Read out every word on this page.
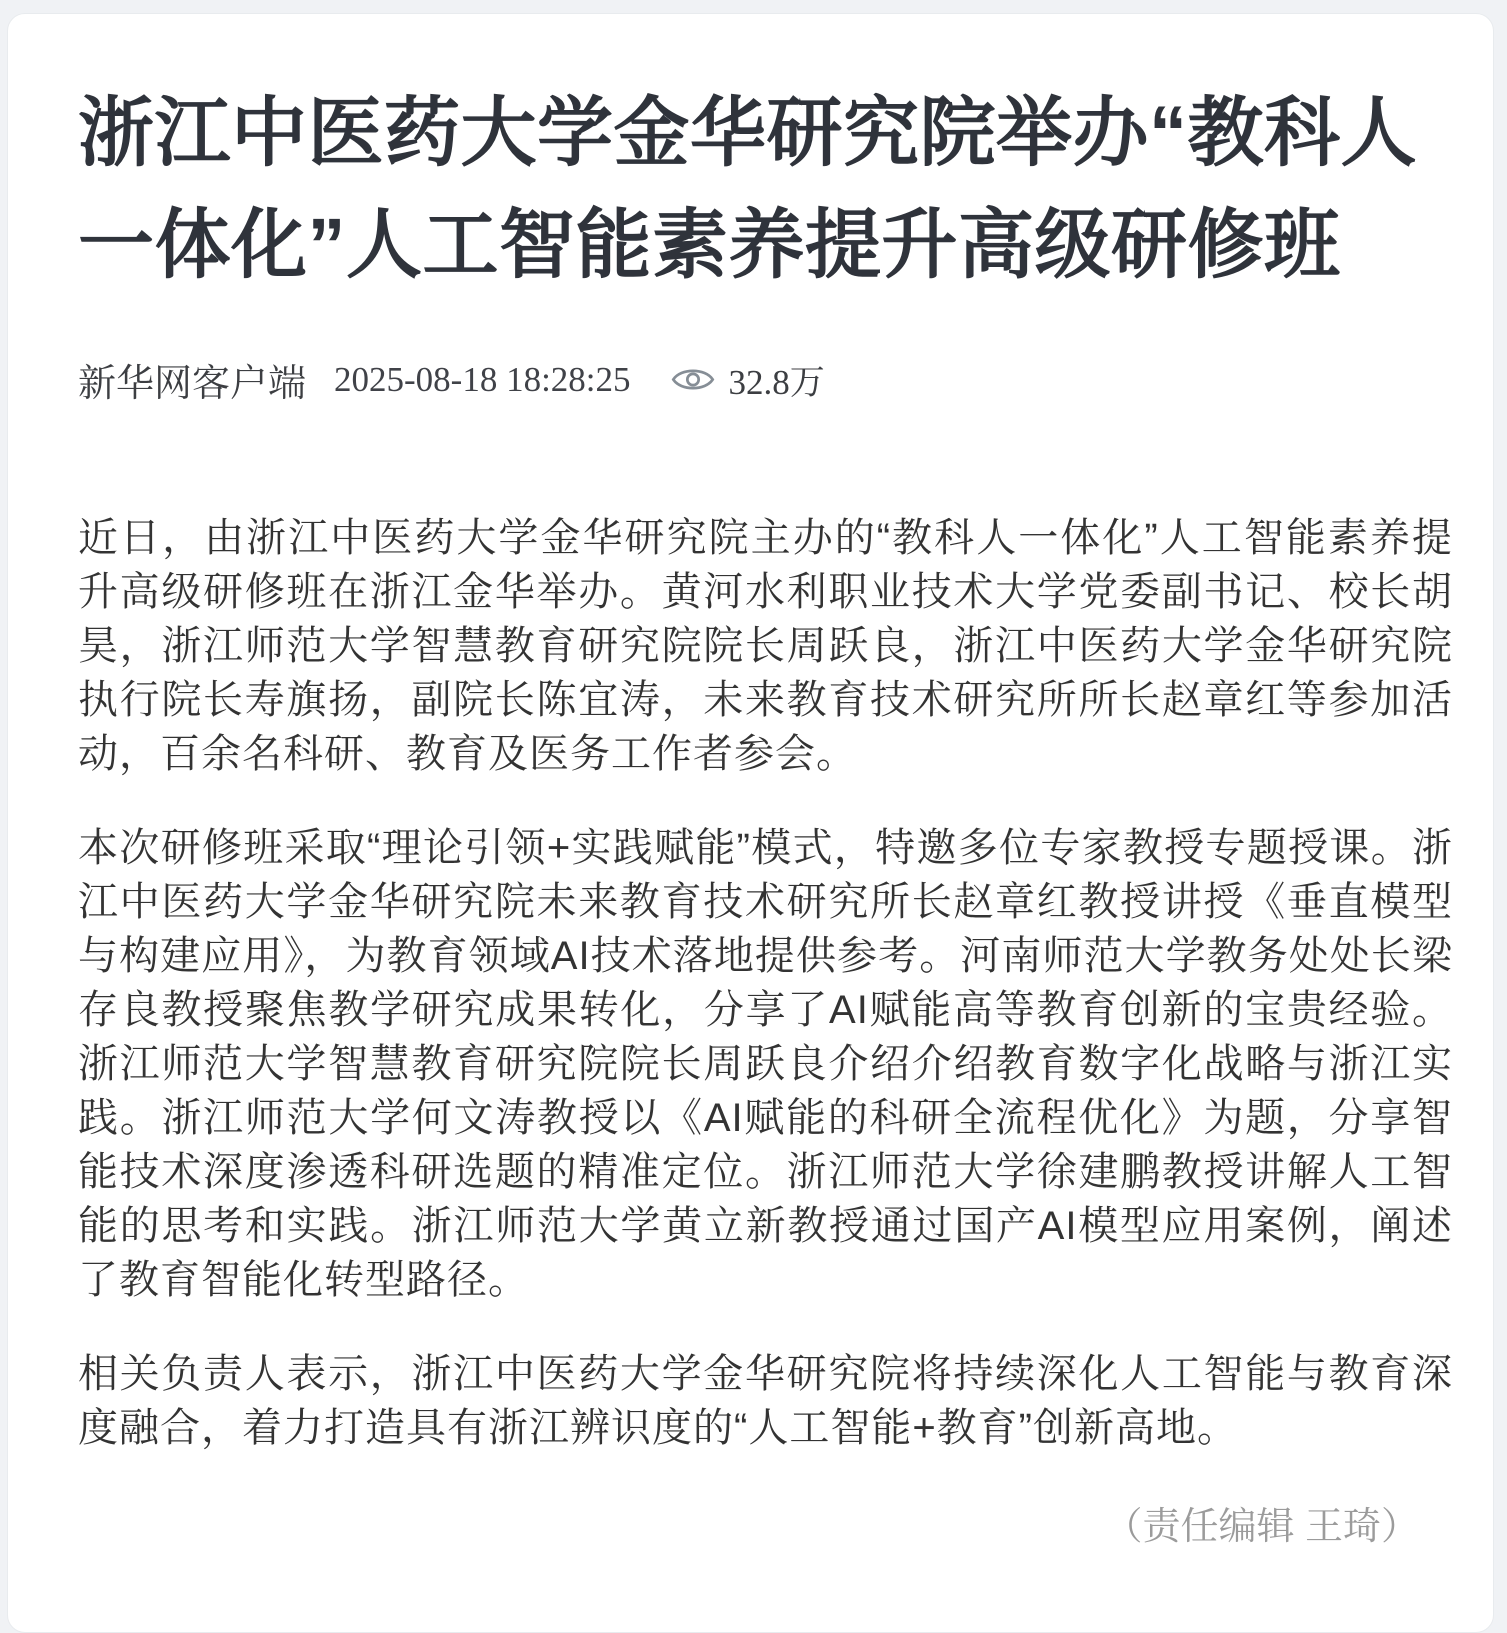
浙江中医药大学金华研究院举办“教科人一体化”人工智能素养提升高级研修班
新华网客户端 2025-08-18 18:28:25	32.8万

近日，由浙江中医药大学金华研究院主办的“教科人一体化”人工智能素养提升高级研修班在浙江金华举办。黄河水利职业技术大学党委副书记、校长胡昊，浙江师范大学智慧教育研究院院长周跃良，浙江中医药大学金华研究院执行院长寿旗扬，副院长陈宜涛，未来教育技术研究所所长赵章红等参加活动，百余名科研、教育及医务工作者参会。

本次研修班采取“理论引领+实践赋能”模式，特邀多位专家教授专题授课。浙江中医药大学金华研究院未来教育技术研究所长赵章红教授讲授《垂直模型与构建应用》，为教育领域AI技术落地提供参考。河南师范大学教务处处长梁存良教授聚焦教学研究成果转化，分享了AI赋能高等教育创新的宝贵经验。浙江师范大学智慧教育研究院院长周跃良介绍介绍教育数字化战略与浙江实践。浙江师范大学何文涛教授以《AI赋能的科研全流程优化》为题，分享智能技术深度渗透科研选题的精准定位。浙江师范大学徐建鹏教授讲解人工智能的思考和实践。浙江师范大学黄立新教授通过国产AI模型应用案例，阐述了教育智能化转型路径。

相关负责人表示，浙江中医药大学金华研究院将持续深化人工智能与教育深度融合，着力打造具有浙江辨识度的“人工智能+教育”创新高地。

（责任编辑 王琦）
